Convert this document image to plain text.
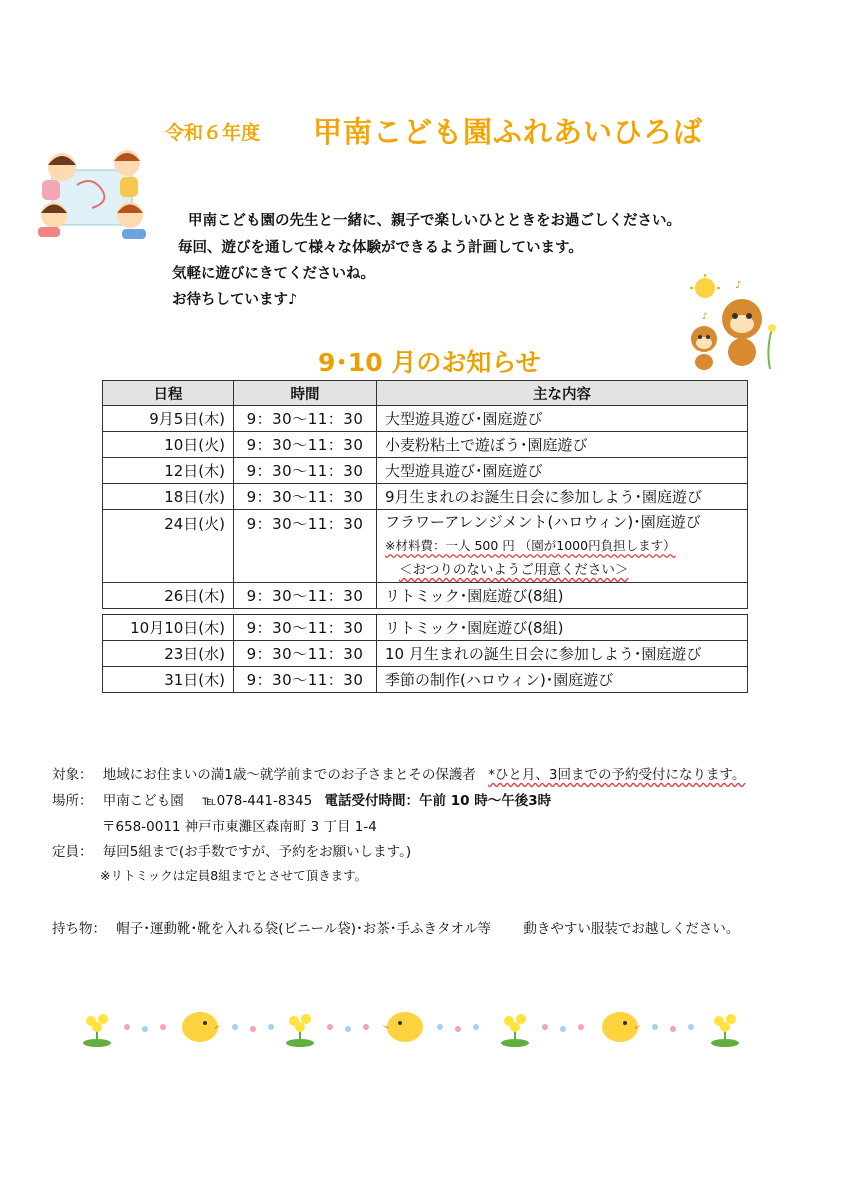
令和６年度 甲南こども園ふれあいひろば
甲南こども園の先生と一緒に、親子で楽しいひとときをお過ごしください。
毎回、遊びを通して様々な体験ができるよう計画しています。
気軽に遊びにきてくださいね。
お待ちしています♪
♪
♪
9･10 月のお知らせ
日程	時間	主な内容
9月5日(木)	9：30〜11：30	大型遊具遊び･園庭遊び
10日(火)	9：30〜11：30	小麦粉粘土で遊ぼう･園庭遊び
12日(木)	9：30〜11：30	大型遊具遊び･園庭遊び
18日(水)	9：30〜11：30	9月生まれのお誕生日会に参加しよう･園庭遊び
24日(火)	9：30〜11：30	フラワーアレンジメント(ハロウィン)･園庭遊び
※材料費：一人 500 円 （園が1000円負担します）
＜おつりのないようご用意ください＞

26日(木)	9：30〜11：30	リトミック･園庭遊び(8組)

10月10日(木)	9：30〜11：30	リトミック･園庭遊び(8組)
23日(水)	9：30〜11：30	10 月生まれの誕生日会に参加しよう･園庭遊び
31日(木)	9：30〜11：30	季節の制作(ハロウィン)･園庭遊び
対象： 地域にお住まいの満1歳〜就学前までのお子さまとその保護者 *ひと月、3回までの予約受付になります。
場所： 甲南こども園 ℡078-441-8345 電話受付時間：午前 10 時〜午後3時
〒658-0011 神戸市東灘区森南町 3 丁目 1-4
定員： 毎回5組まで(お手数ですが、予約をお願いします。)
※リトミックは定員8組までとさせて頂きます。
持ち物： 帽子･運動靴･靴を入れる袋(ビニール袋)･お茶･手ふきタオル等 動きやすい服装でお越しください。
